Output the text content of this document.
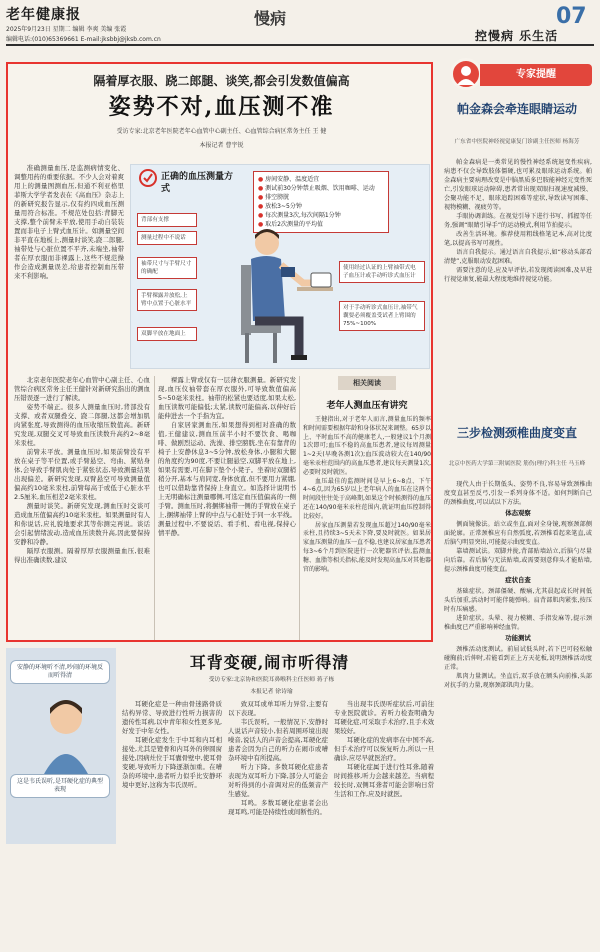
老年健康报	慢病	07
2025年9月23日 星期二 编辑 李爽 美编 张霞
编辑电话:(010)65369661 E-mail:jksbbj@jksb.com.cn	控慢病 乐生活
隔着厚衣服、跷二郎腿、谈笑,都会引发数值偏高
姿势不对,血压测不准
受访专家:北京老年医院老年心血管中心副主任、心血管综合病区常务主任 王 健
本报记者 曹宇锐

准确测量血压,是监测病情变化、调整用药的重要依据。不少人会对着爽用上的测量图测血压,但通不利亚格里菲斯大学学者发表在《高血压》杂志上的新研究报告显示,仅有约四成血压测量用符合标准。不规范处包括:背脚无支撑,整个前臂未平放,使用手动自装装置而非电子上臂式血压计。如测量空间非平直在地板上,测量时谈笑,跷二郎腿,袖带处与心脏位置不平齐,未端坐,袖带者在厚衣服而非裸露上,这些不规范操作会造成测量误差,给患者控制血压带来不利影响。

正确的血压测量方式
● 房间安静、温度适宜
● 测试前30分钟禁止吸烟、饮用咖啡、运动
● 排空膀胱
● 放松3~5分钟
● 每次测量3次,每次间隔1分钟
● 取后2次测量的平均值
背部有支撑
测量过程中不说话
袖带尺寸与手臂尺寸的确配
手臂裸露并放松,上臂中点置于心脏水平
双脚平放在地面上
使用经过认证的上臂袖带式电子血压计或手动听诊式血压计
对于手动听诊式血压计,袖带气囊要必须覆盖受试者上臂围的75%~100%

北京老年医院老年心血管中心副主任、心血管综合病区常务主任王健针对新研究指出的测血压错误逐一进行了解读。

姿势不端正。很多人测量血压时,背部没有支撑、或者双腿叠交、跷二郎腿,这都会增加肌肉紧张度,导致测得的血压收缩压数值高。新研究发现,双腿交叉可导致血压读数升高约2~8毫米汞柱。

前臂未平放。测量血压时,如果前臂没有平放在桌子等平位置,或手臂悬空、弯曲、紧贴身体,会导致手臂肌肉处于紧张状态,导致测量结果出现偏差。新研究发现,双臂悬空可导致测量值偏高约10毫米汞柱,前臂每高于或低于心脏水平2.5厘米,血压相差2毫米汞柱。

测量时谈笑。新研究发现,测血压时交谈可造成血压值偏高约10毫米汞柱。如果测量时有人和你说话,应礼貌地要求其等你测完再说。谈话会引起情绪波动,造成血压读数升高,因此要保持安静和冷静。

隔厚衣服测。隔着厚厚衣服测量血压,很难得出准确读数,建议

裸露上臂或仅有一层薄衣服测量。新研究发现,血压仪袖带套在厚衣服外,可导致数值偏高5~50毫米汞柱。袖带的松紧也要适度,如果太松,血压读数可能偏低;太紧,读数可能偏高,以伸好后能伸进去一个手指为宜。

自家居家测血压,如果想得到相对准确的数值,王健建议,测血压前半小时不要饮食、喝咖啡、做剧烈运动、洗澡、排空膀胱,坐在有靠背的椅子上安静休息3~5分钟,放松身体,小腿和大腿的角度约为90度,不要让腿悬空,双脚平放在地上,如果有需要,可在脚下垫个小凳子。坐着时双腿稍稍分开,基本与肩同宽,身体放直,但不要用力紧绷,也可以借助靠背保持上身直立。如选择计说明书上无明确标注测量哪侧,可选定血压值偏高的一侧手臂。测血压时,将捆绑袖带一侧的手臂放在桌子上,捆绑袖带上臂的中点与心脏处于同一水平线。测量过程中,不要说话、看手机、看电视,保持心情平静。

相关阅读
老年人测血压有讲究

王健指出,对于老年人而言,测量血压的频率和时间需要根据年龄和身体状况来调整。65岁以上、平时血压不高的健康老人,一般建议1个月测1次即可;血压不稳的高血压患者,建议每周测量1~2天(早晚各测1次);血压波动较大在140/90毫米汞柱范围内的高血压患者,建议每天测量1次,必要时及时就医。

血压最佳的监测时间是早上6~8点、下午4~6点,因为65岁以上老年病人的血压在这两个时间段往往处于高峰期,如果这个时候测得的血压还在140/90毫米汞柱范围内,就证明血压控制得比较好。

居家血压测量若发现血压超过140/90毫米汞柱,且持续3~5天未下降,要及时就医。如果居家血压测量的血压一直不稳,也建议居家血压患者每3~6个月到医院进行一次靶器官评估,监测血糖、血脂等相关指标,能及时发现高血压对其他器官的影响。

专家提醒
帕金森会牵连眼睛运动
广东省中医院神经视觉康复门诊副主任医师 杨海芳

帕金森病是一类常见的慢性神经系统退变性疾病,病患不仅会导致肢体僵硬,也可累及眼球运动系统。帕金森病主要病理改变是中脑黑质多巴胺能神经元变性死亡,引发眼球运动障碍,患者常出现双眼扫视速度减慢、会聚功能不足、眼球追踪困难等症状,导致读写困难、视物模糊、视疲劳等。

手眼协调训练。在视觉引导下进行书写、抓握等任务,强调“眼睛引导手”的运动模式,利用节拍提示。

改善生活环境。推荐使用粗线格笔记本,高对比度笔,以提高书写可视性。

语言自我提示。通过语言自我提示,如“移动头部看清楚”,克服眼动发起困难。

需要注意的是,应及早评估,若发现阅读困难,及早进行视觉康复,能最大程度地维持视觉功能。

三步检测颈椎曲度变直
北京中医药大学第三附属医院 筋伤(理疗)科主任 马玉峰

现代人由于长期低头、姿势不良,容易导致颈椎曲度变直甚至反弓,引发一系列身体不适。如何判断自己的颈椎曲度,可以试以下方法。

体态观察

侧面镜像法。站立或坐直,面对全身镜,观察颈部侧面轮廓。正常颈椎应有自然弧度,若颈椎看起来笔直,或后脑勺明显突出,可能提示曲度变直。

靠墙测试法。双脚并拢,背部贴墙站立,后脑勺尽量向后靠。若后脑勺无法贴墙,或需要刻意仰头才能贴墙,提示颈椎曲度可能变直。

症状自查

基础症状。颈部僵硬、酸痛,尤其晨起或长时间低头后加重,活动时可能伴随弹响。肩背部肌肉紧张,按压时有压痛感。

进阶症状。头晕、视力模糊、手指发麻等,提示颈椎曲度已严重影响神经血管。

功能测试

颈椎活动度测试。前屈试低头时,若下巴可轻松触碰胸前;后伸时,若能看到正上方天花板,说明颈椎活动度正常。

肌肉力量测试。坐直后,双手放在额头向前推,头部对抗手的力量,观察颈部肌肉力量。

安静的环境听不清,吵闹的环境反而听得清
这是韦氏误听,是耳硬化症的典型表现
耳背变硬,闹市听得清
受访专家:北京协和医院耳鼻喉科主任医师 蒋子栋
本报记者 徐诗瑜

耳硬化症是一种由骨迷路骨质结构异常、导致进行性听力损害的遗传性耳病,以中青年和女性更多见,好发于中年女性。

耳硬化症发生于中耳和内耳相接处,尤其是镫骨和内耳外的卵圆窗接处,因病灶位于耳囊骨壁中,使耳骨变硬,导致听力下降逐渐加重。在嘈杂的环境中,患者听力似乎比安静环境中更好,这称为韦氏误听。

致双耳或单耳听力异常,主要有以下表现。

韦氏误听。一般情况下,安静时人说话声音较小,但若周围环境出现噪音,说话人的声音会提高,耳硬化症患者会因为自己的听力在闹市或嘈杂环境中有所提高。

听力下降。多数耳硬化症患者表现为双耳听力下降,部分人可能会对听得到的小音调对应的低频音产生感觉。

耳鸣。多数耳硬化症患者会出现耳鸣,可能是持续性或间断性的。

当出现韦氏误听症状后,可前往专业医院就诊。若听力检查明确为耳硬化症,可采取手术治疗,且手术效果较好。

耳硬化症的发病率在中国不高,但手术治疗可以恢复听力,所以一旦确诊,应尽早就医治疗。

耳硬化症属于进行性耳聋,随着时间推移,听力会越来越差。当病程较长时,双侧耳聋者可能会影响日常生活和工作,应及时就医。
